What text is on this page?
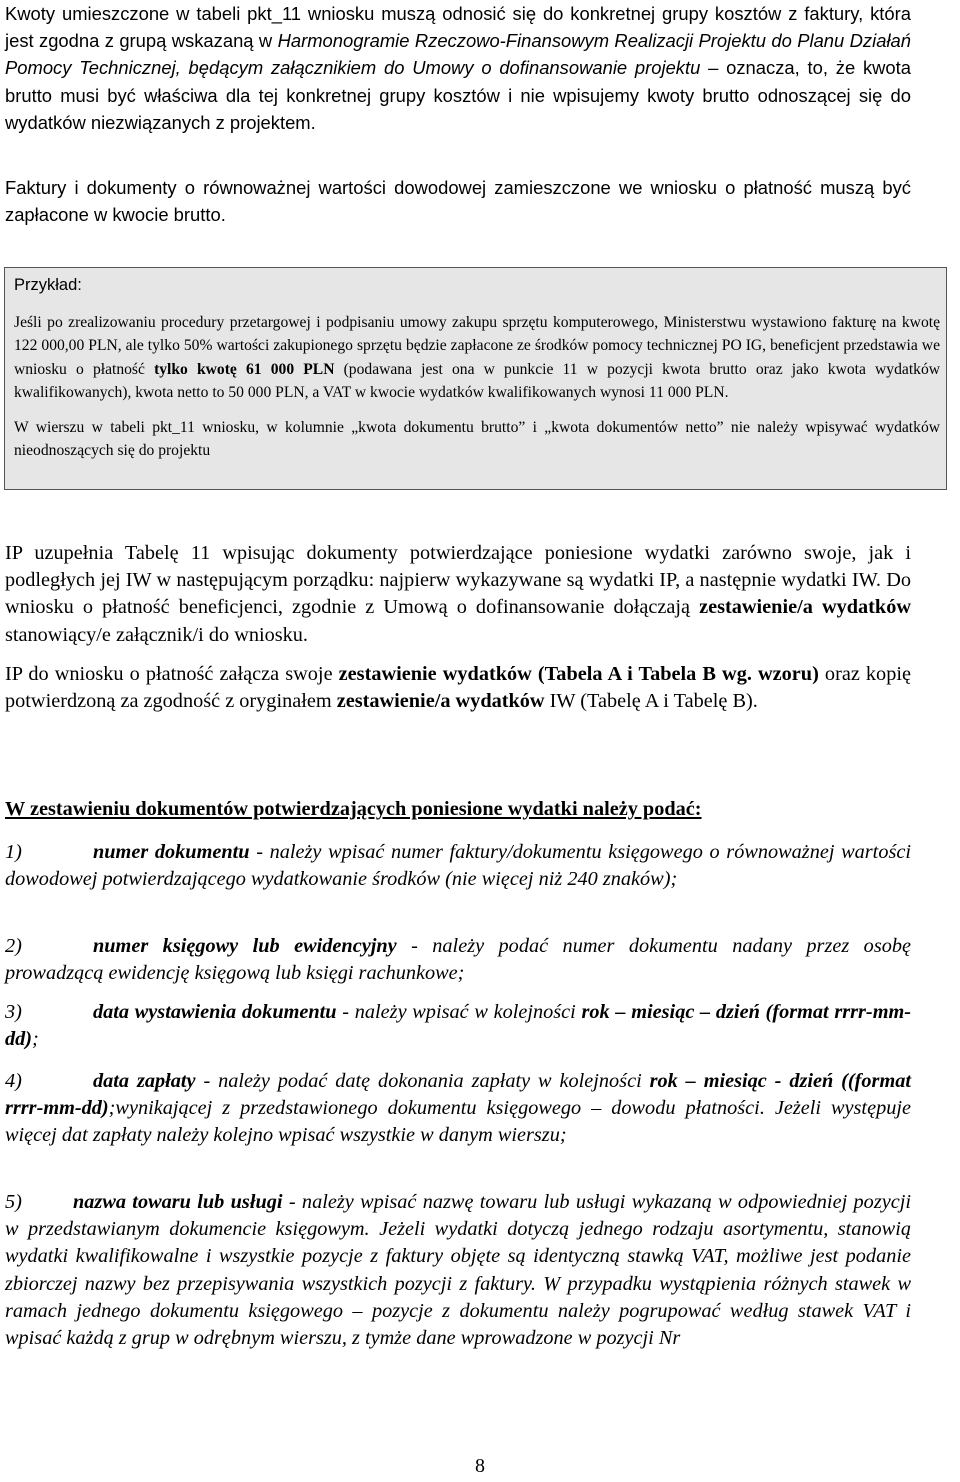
Kwoty umieszczone w tabeli pkt_11 wniosku muszą odnosić się do konkretnej grupy kosztów z faktury, która jest zgodna z grupą wskazaną w Harmonogramie Rzeczowo-Finansowym Realizacji Projektu do Planu Działań Pomocy Technicznej, będącym załącznikiem do Umowy o dofinansowanie projektu – oznacza, to, że kwota brutto musi być właściwa dla tej konkretnej grupy kosztów i nie wpisujemy kwoty brutto odnoszącej się do wydatków niezwiązanych z projektem.

Faktury i dokumenty o równoważnej wartości dowodowej zamieszczone we wniosku o płatność muszą być zapłacone w kwocie brutto.

Przykład:

Jeśli po zrealizowaniu procedury przetargowej i podpisaniu umowy zakupu sprzętu komputerowego, Ministerstwu wystawiono fakturę na kwotę 122 000,00 PLN, ale tylko 50% wartości zakupionego sprzętu będzie zapłacone ze środków pomocy technicznej PO IG, beneficjent przedstawia we wniosku o płatność tylko kwotę 61 000 PLN (podawana jest ona w punkcie 11 w pozycji kwota brutto oraz jako kwota wydatków kwalifikowanych), kwota netto to 50 000 PLN, a VAT w kwocie wydatków kwalifikowanych wynosi 11 000 PLN.

W wierszu w tabeli pkt_11 wniosku, w kolumnie „kwota dokumentu brutto” i „kwota dokumentów netto” nie należy wpisywać wydatków nieodnoszących się do projektu

IP uzupełnia Tabelę 11 wpisując dokumenty potwierdzające poniesione wydatki zarówno swoje, jak i podległych jej IW w następującym porządku: najpierw wykazywane są wydatki IP, a następnie wydatki IW. Do wniosku o płatność beneficjenci, zgodnie z Umową o dofinansowanie dołączają zestawienie/a wydatków stanowiący/e załącznik/i do wniosku.

IP do wniosku o płatność załącza swoje zestawienie wydatków (Tabela A i Tabela B wg. wzoru) oraz kopię potwierdzoną za zgodność z oryginałem zestawienie/a wydatków IW (Tabelę A i Tabelę B).

W zestawieniu dokumentów potwierdzających poniesione wydatki należy podać:

1)	numer dokumentu - należy wpisać numer faktury/dokumentu księgowego o równoważnej wartości dowodowej potwierdzającego wydatkowanie środków (nie więcej niż 240 znaków);

2)	numer księgowy lub ewidencyjny - należy podać numer dokumentu nadany przez osobę prowadzącą ewidencję księgową lub księgi rachunkowe;

3)	data wystawienia dokumentu - należy wpisać w kolejności rok – miesiąc – dzień (format rrrr-mm-dd);

4)	data zapłaty - należy podać datę dokonania zapłaty w kolejności rok – miesiąc - dzień ((format rrrr-mm-dd);wynikającej z przedstawionego dokumentu księgowego – dowodu płatności. Jeżeli występuje więcej dat zapłaty należy kolejno wpisać wszystkie w danym wierszu;

5)	nazwa towaru lub usługi - należy wpisać nazwę towaru lub usługi wykazaną w odpowiedniej pozycji w przedstawianym dokumencie księgowym. Jeżeli wydatki dotyczą jednego rodzaju asortymentu, stanowią wydatki kwalifikowalne i wszystkie pozycje z faktury objęte są identyczną stawką VAT, możliwe jest podanie zbiorczej nazwy bez przepisywania wszystkich pozycji z faktury. W przypadku wystąpienia różnych stawek w ramach jednego dokumentu księgowego – pozycje z dokumentu należy pogrupować według stawek VAT i wpisać każdą z grup w odrębnym wierszu, z tymże dane wprowadzone w pozycji Nr

8
